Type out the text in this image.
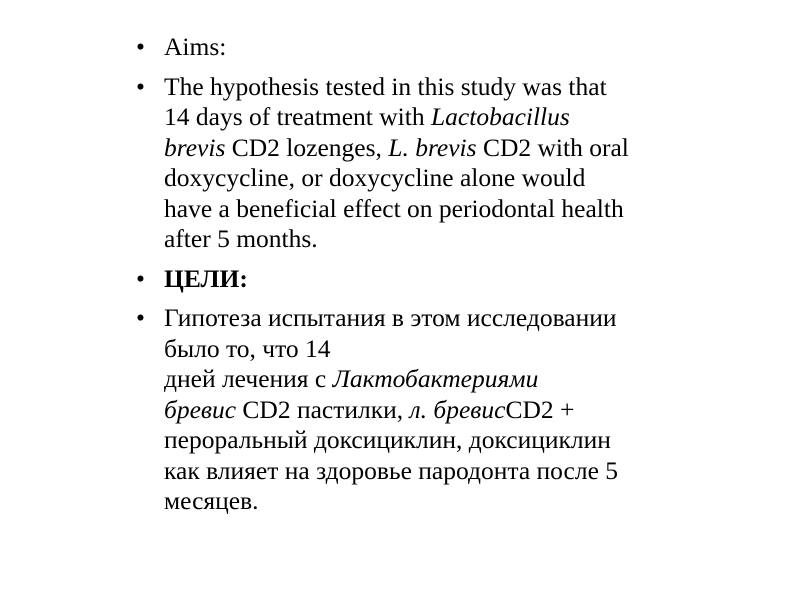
• Aims:
• The hypothesis tested in this study was that
14 days of treatment with Lactobacillus
brevis CD2 lozenges, L. brevis CD2 with oral
doxycycline, or doxycycline alone would
have a beneficial effect on periodontal health
after 5 months.
• ЦЕЛИ:
• Гипотеза испытания в этом исследовании
было то, что 14
дней лечения с Лактобактериями
бревис CD2 пастилки, л. бревисCD2 +
пероральный доксициклин, доксициклин
как влияет на здоровье пародонта после 5
месяцев.
